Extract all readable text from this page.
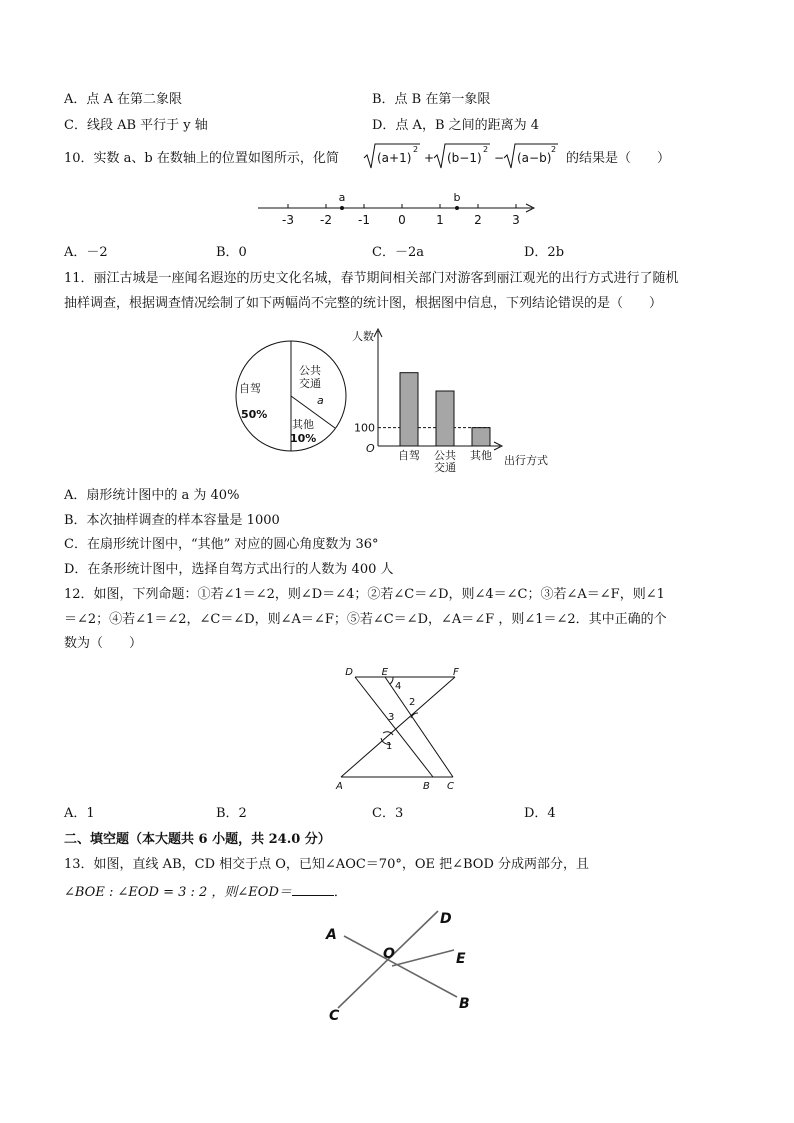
A．点 A 在第二象限	B．点 B 在第一象限
C．线段 AB 平行于 y 轴	D．点 A，B 之间的距离为 4
10．实数 a、b 在数轴上的位置如图所示，化简	(a+1)
2
+ (b−1)
2
− (a−b)
2
的结果是（　　）
-3 -2 -1 0	1	2	3
a	b
A．－2	B．0	C．－2a	D．2b
11．丽江古城是一座闻名遐迩的历史文化名城，春节期间相关部门对游客到丽江观光的出行方式进行了随机
抽样调查，根据调查情况绘制了如下两幅尚不完整的统计图，根据图中信息，下列结论错误的是（　　）
自驾
50%
公共
交通
a
其他
10%
人数
O
出行方式
100
自驾 公共
交通
其他
A．扇形统计图中的 a 为 40%
B．本次抽样调查的样本容量是 1000
C．在扇形统计图中，“其他” 对应的圆心角度数为 36°
D．在条形统计图中，选择自驾方式出行的人数为 400 人
12．如图，下列命题：①若∠1＝∠2，则∠D＝∠4；②若∠C＝∠D，则∠4＝∠C；③若∠A＝∠F，则∠1
＝∠2；④若∠1＝∠2，∠C＝∠D，则∠A＝∠F；⑤若∠C＝∠D，∠A＝∠F ，则∠1＝∠2．其中正确的个
数为（　　）
D	E	F
A	B C
4
2
3
1
A．1	B．2	C．3	D．4
二、填空题（本大题共 6 小题，共 24.0 分）
13．如图，直线 AB，CD 相交于点 O，已知∠AOC＝70°，OE 把∠BOD 分成两部分，且
∠BOE : ∠EOD = 3 : 2 ，则∠EOD＝	．
A
B
C
D
E
O
